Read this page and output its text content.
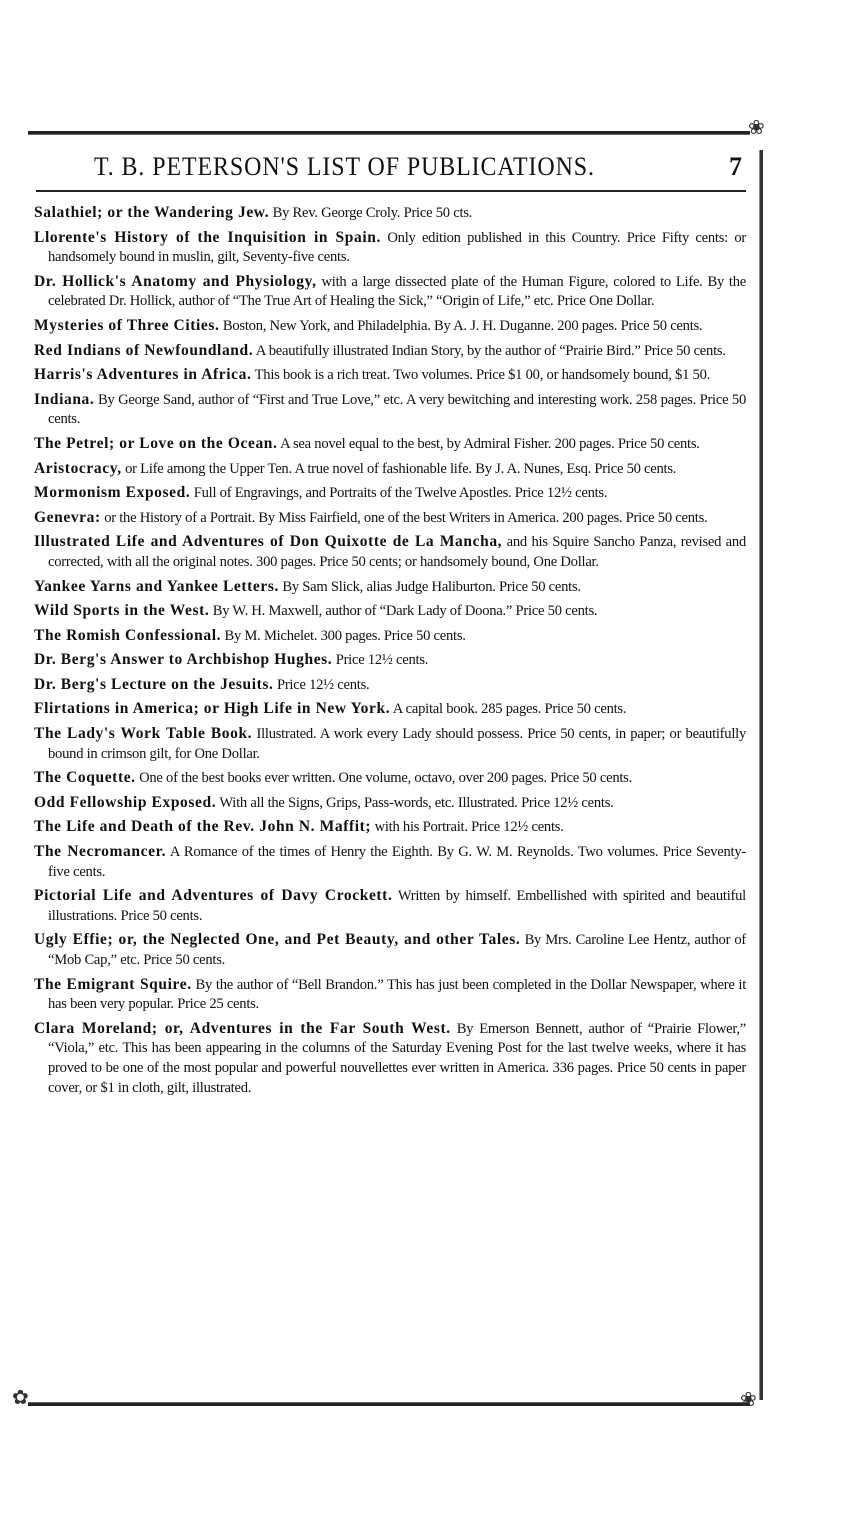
❀
❀
✿
T. B. PETERSON'S LIST OF PUBLICATIONS.	7
Salathiel; or the Wandering Jew. By Rev. George Croly. Price 50 cts.
Llorente's History of the Inquisition in Spain. Only edition published in this Country. Price Fifty cents: or handsomely bound in muslin, gilt, Seventy-five cents.
Dr. Hollick's Anatomy and Physiology, with a large dissected plate of the Human Figure, colored to Life. By the celebrated Dr. Hollick, author of “The True Art of Healing the Sick,” “Origin of Life,” etc. Price One Dollar.
Mysteries of Three Cities. Boston, New York, and Philadelphia. By A. J. H. Duganne. 200 pages. Price 50 cents.
Red Indians of Newfoundland. A beautifully illustrated Indian Story, by the author of “Prairie Bird.” Price 50 cents.
Harris's Adventures in Africa. This book is a rich treat. Two volumes. Price $1 00, or handsomely bound, $1 50.
Indiana. By George Sand, author of “First and True Love,” etc. A very bewitching and interesting work. 258 pages. Price 50 cents.
The Petrel; or Love on the Ocean. A sea novel equal to the best, by Admiral Fisher. 200 pages. Price 50 cents.
Aristocracy, or Life among the Upper Ten. A true novel of fashionable life. By J. A. Nunes, Esq. Price 50 cents.
Mormonism Exposed. Full of Engravings, and Portraits of the Twelve Apostles. Price 12½ cents.
Genevra: or the History of a Portrait. By Miss Fairfield, one of the best Writers in America. 200 pages. Price 50 cents.
Illustrated Life and Adventures of Don Quixotte de La Mancha, and his Squire Sancho Panza, revised and corrected, with all the original notes. 300 pages. Price 50 cents; or handsomely bound, One Dollar.
Yankee Yarns and Yankee Letters. By Sam Slick, alias Judge Haliburton. Price 50 cents.
Wild Sports in the West. By W. H. Maxwell, author of “Dark Lady of Doona.” Price 50 cents.
The Romish Confessional. By M. Michelet. 300 pages. Price 50 cents.
Dr. Berg's Answer to Archbishop Hughes. Price 12½ cents.
Dr. Berg's Lecture on the Jesuits. Price 12½ cents.
Flirtations in America; or High Life in New York. A capital book. 285 pages. Price 50 cents.
The Lady's Work Table Book. Illustrated. A work every Lady should possess. Price 50 cents, in paper; or beautifully bound in crimson gilt, for One Dollar.
The Coquette. One of the best books ever written. One volume, octavo, over 200 pages. Price 50 cents.
Odd Fellowship Exposed. With all the Signs, Grips, Pass-words, etc. Illustrated. Price 12½ cents.
The Life and Death of the Rev. John N. Maffit; with his Portrait. Price 12½ cents.
The Necromancer. A Romance of the times of Henry the Eighth. By G. W. M. Reynolds. Two volumes. Price Seventy-five cents.
Pictorial Life and Adventures of Davy Crockett. Written by himself. Embellished with spirited and beautiful illustrations. Price 50 cents.
Ugly Effie; or, the Neglected One, and Pet Beauty, and other Tales. By Mrs. Caroline Lee Hentz, author of “Mob Cap,” etc. Price 50 cents.
The Emigrant Squire. By the author of “Bell Brandon.” This has just been completed in the Dollar Newspaper, where it has been very popular. Price 25 cents.
Clara Moreland; or, Adventures in the Far South West. By Emerson Bennett, author of “Prairie Flower,” “Viola,” etc. This has been appearing in the columns of the Saturday Evening Post for the last twelve weeks, where it has proved to be one of the most popular and powerful nouvellettes ever written in America. 336 pages. Price 50 cents in paper cover, or $1 in cloth, gilt, illustrated.
